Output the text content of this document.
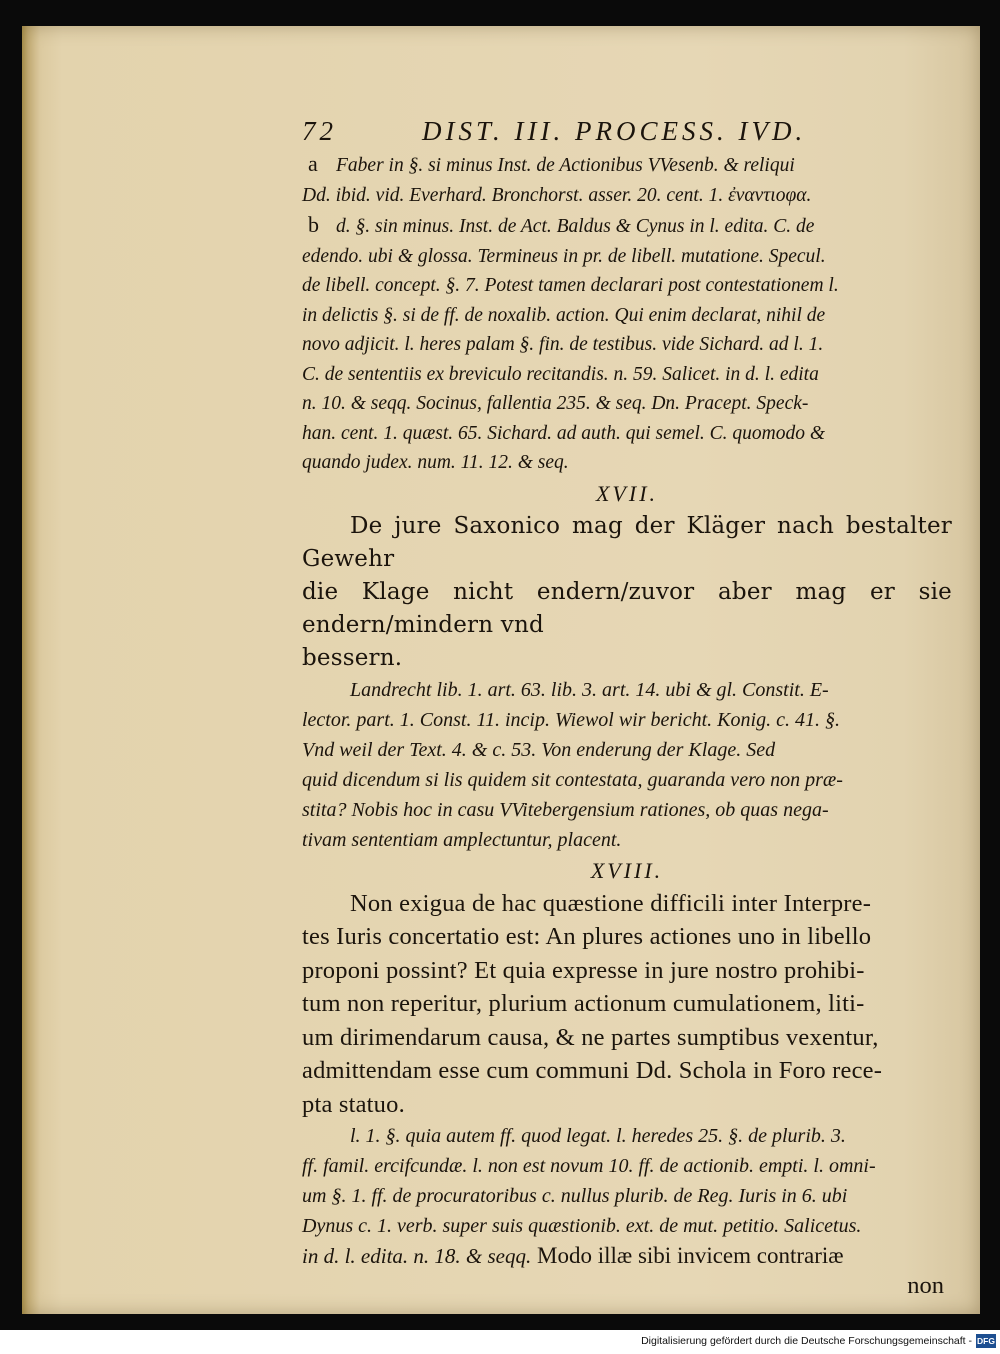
72	DIST. III. PROCESS. IVD.

a Faber in §. si minus Inst. de Actionibus VVesenb. & reliqui

Dd. ibid. vid. Everhard. Bronchorst. asser. 20. cent. 1. ἐναντιοφα.

b d. §. sin minus. Inst. de Act. Baldus & Cynus in l. edita. C. de

edendo. ubi & glossa. Termineus in pr. de libell. mutatione. Specul.

de libell. concept. §. 7. Potest tamen declarari post contestationem l.

in delictis §. si de ff. de noxalib. action. Qui enim declarat, nihil de

novo adjicit. l. heres palam §. fin. de testibus. vide Sichard. ad l. 1.

C. de sententiis ex breviculo recitandis. n. 59. Salicet. in d. l. edita

n. 10. & seqq. Socinus, fallentia 235. & seq. Dn. Pracept. Speck-

han. cent. 1. quæst. 65. Sichard. ad auth. qui semel. C. quomodo &

quando judex. num. 11. 12. & seq.

XVII.

De jure Saxonico mag der Kläger nach bestalter Gewehr

die Klage nicht endern/zuvor aber mag er sie endern/mindern vnd

bessern.

Landrecht lib. 1. art. 63. lib. 3. art. 14. ubi & gl. Constit. E-

lector. part. 1. Const. 11. incip. Wiewol wir bericht. Konig. c. 41. §.

Vnd weil der Text. 4. & c. 53. Von enderung der Klage. Sed

quid dicendum si lis quidem sit contestata, guaranda vero non præ-

stita? Nobis hoc in casu VVitebergensium rationes, ob quas nega-

tivam sententiam amplectuntur, placent.

XVIII.

Non exigua de hac quæstione difficili inter Interpre-

tes Iuris concertatio est: An plures actiones uno in libello

proponi possint? Et quia expresse in jure nostro prohibi-

tum non reperitur, plurium actionum cumulationem, liti-

um dirimendarum causa, & ne partes sumptibus vexentur,

admittendam esse cum communi Dd. Schola in Foro rece-

pta statuo.

l. 1. §. quia autem ff. quod legat. l. heredes 25. §. de plurib. 3.

ff. famil. ercifcundæ. l. non est novum 10. ff. de actionib. empti. l. omni-

um §. 1. ff. de procuratoribus c. nullus plurib. de Reg. Iuris in 6. ubi

Dynus c. 1. verb. super suis quæstionib. ext. de mut. petitio. Salicetus.

in d. l. edita. n. 18. & seqq. Modo illæ sibi invicem contrariæ

non

Digitalisierung gefördert durch die Deutsche Forschungsgemeinschaft - DFG
